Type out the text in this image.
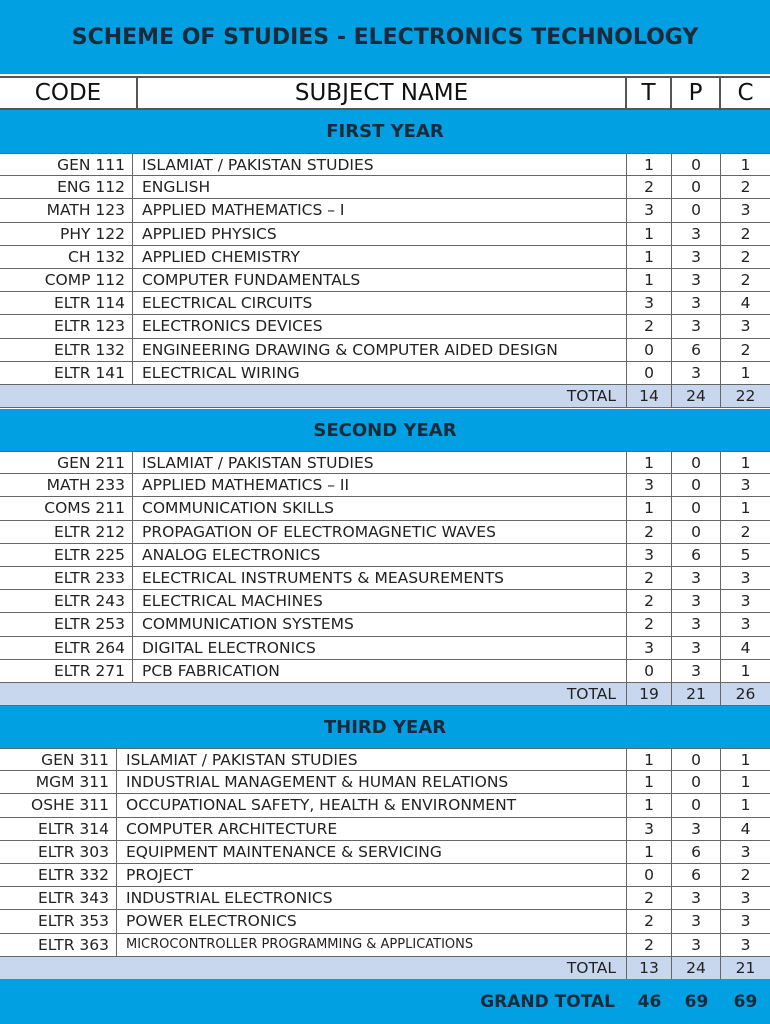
SCHEME OF STUDIES - ELECTRONICS TECHNOLOGY
CODE	SUBJECT NAME	T	P	C
FIRST YEAR
GEN 111	ISLAMIAT / PAKISTAN STUDIES	1	0	1
ENG 112	ENGLISH	2	0	2
MATH 123	APPLIED MATHEMATICS – I	3	0	3
PHY 122	APPLIED PHYSICS	1	3	2
CH 132	APPLIED CHEMISTRY	1	3	2
COMP 112	COMPUTER FUNDAMENTALS	1	3	2
ELTR 114	ELECTRICAL CIRCUITS	3	3	4
ELTR 123	ELECTRONICS DEVICES	2	3	3
ELTR 132	ENGINEERING DRAWING & COMPUTER AIDED DESIGN	0	6	2
ELTR 141	ELECTRICAL WIRING	0	3	1
TOTAL	14	24	22
SECOND YEAR
GEN 211	ISLAMIAT / PAKISTAN STUDIES	1	0	1
MATH 233	APPLIED MATHEMATICS – II	3	0	3
COMS 211	COMMUNICATION SKILLS	1	0	1
ELTR 212	PROPAGATION OF ELECTROMAGNETIC WAVES	2	0	2
ELTR 225	ANALOG ELECTRONICS	3	6	5
ELTR 233	ELECTRICAL INSTRUMENTS & MEASUREMENTS	2	3	3
ELTR 243	ELECTRICAL MACHINES	2	3	3
ELTR 253	COMMUNICATION SYSTEMS	2	3	3
ELTR 264	DIGITAL ELECTRONICS	3	3	4
ELTR 271	PCB FABRICATION	0	3	1
TOTAL	19	21	26
THIRD YEAR
GEN 311	ISLAMIAT / PAKISTAN STUDIES	1	0	1
MGM 311	INDUSTRIAL MANAGEMENT & HUMAN RELATIONS	1	0	1
OSHE 311	OCCUPATIONAL SAFETY, HEALTH & ENVIRONMENT	1	0	1
ELTR 314	COMPUTER ARCHITECTURE	3	3	4
ELTR 303	EQUIPMENT MAINTENANCE & SERVICING	1	6	3
ELTR 332	PROJECT	0	6	2
ELTR 343	INDUSTRIAL ELECTRONICS	2	3	3
ELTR 353	POWER ELECTRONICS	2	3	3
ELTR 363	MICROCONTROLLER PROGRAMMING & APPLICATIONS	2	3	3
TOTAL	13	24	21
GRAND TOTAL	46	69	69
